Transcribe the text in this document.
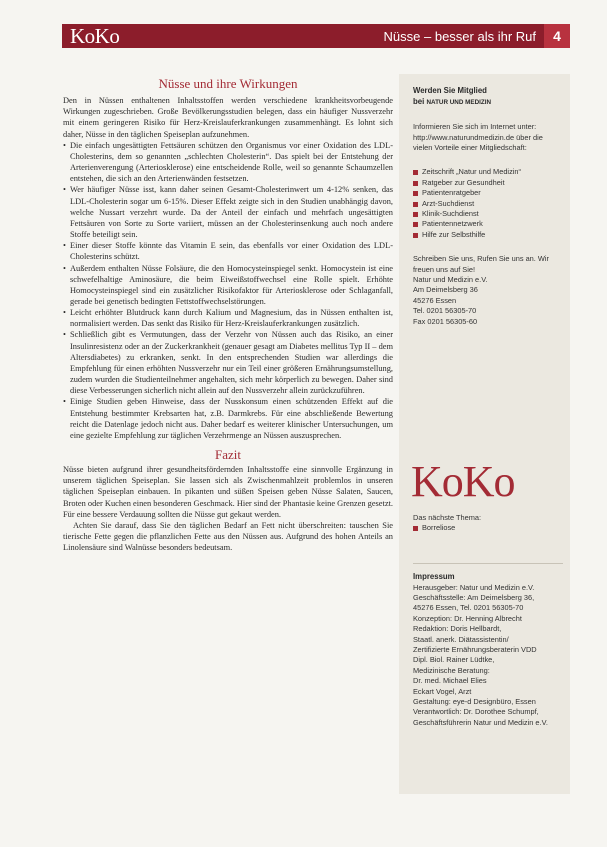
KoKo	Nüsse – besser als ihr Ruf	4
Nüsse und ihre Wirkungen

Den in Nüssen enthaltenen Inhaltsstoffen werden verschiedene krankheitsvorbeugende Wirkungen zugeschrieben. Große Bevölkerungsstudien belegen, dass ein häufiger Nussverzehr mit einem geringeren Risiko für Herz-Kreislauferkrankungen zusammenhängt. Es lohnt sich daher, Nüsse in den täglichen Speiseplan aufzunehmen.

• Die einfach ungesättigten Fettsäuren schützen den Organismus vor einer Oxidation des LDL-Cholesterins, dem so genannten „schlechten Cholesterin“. Das spielt bei der Entstehung der Arterienverengung (Arteriosklerose) eine entscheidende Rolle, weil so genannte Schaumzellen entstehen, die sich an den Arterienwänden festsetzen.
• Wer häufiger Nüsse isst, kann daher seinen Gesamt-Cholesterinwert um 4-12% senken, das LDL-Cholesterin sogar um 6-15%. Dieser Effekt zeigte sich in den Studien unabhängig davon, welche Nussart verzehrt wurde. Da der Anteil der einfach und mehrfach ungesättigten Fettsäuren von Sorte zu Sorte variiert, müssen an der Cholesterinsenkung auch noch andere Stoffe beteiligt sein.
• Einer dieser Stoffe könnte das Vitamin E sein, das ebenfalls vor einer Oxidation des LDL-Cholesterins schützt.
• Außerdem enthalten Nüsse Folsäure, die den Homocysteinspiegel senkt. Homocystein ist eine schwefelhaltige Aminosäure, die beim Eiweißstoffwechsel eine Rolle spielt. Erhöhte Homocysteinspiegel sind ein zusätzlicher Risikofaktor für Arteriosklerose oder Schlaganfall, gerade bei genetisch bedingten Fettstoffwechselstörungen.
• Leicht erhöhter Blutdruck kann durch Kalium und Magnesium, das in Nüssen enthalten ist, normalisiert werden. Das senkt das Risiko für Herz-Kreislauferkrankungen zusätzlich.
• Schließlich gibt es Vermutungen, dass der Verzehr von Nüssen auch das Risiko, an einer Insulinresistenz oder an der Zuckerkrankheit (genauer gesagt am Diabetes mellitus Typ II – dem Altersdiabetes) zu erkranken, senkt. In den entsprechenden Studien war allerdings die Empfehlung für einen erhöhten Nussverzehr nur ein Teil einer größeren Ernährungsumstellung, zudem wurden die Studienteilnehmer angehalten, sich mehr körperlich zu bewegen. Daher sind diese Verbesserungen sicherlich nicht allein auf den Nussverzehr allein zurückzuführen.
• Einige Studien geben Hinweise, dass der Nusskonsum einen schützenden Effekt auf die Entstehung bestimmter Krebsarten hat, z.B. Darmkrebs. Für eine abschließende Bewertung reicht die Datenlage jedoch nicht aus. Daher bedarf es weiterer klinischer Untersuchungen, um eine gezielte Empfehlung zur täglichen Verzehrmenge an Nüssen auszusprechen.
Fazit

Nüsse bieten aufgrund ihrer gesundheitsfördernden Inhaltsstoffe eine sinnvolle Ergänzung in unserem täglichen Speiseplan. Sie lassen sich als Zwischenmahlzeit problemlos in unseren täglichen Speiseplan einbauen. In pikanten und süßen Speisen geben Nüsse Salaten, Saucen, Broten oder Kuchen einen besonderen Geschmack. Hier sind der Phantasie keine Grenzen gesetzt. Für eine bessere Verdauung sollten die Nüsse gut gekaut werden.

Achten Sie darauf, dass Sie den täglichen Bedarf an Fett nicht überschreiten: tauschen Sie tierische Fette gegen die pflanzlichen Fette aus den Nüssen aus. Aufgrund des hohen Anteils an Linolensäure sind Walnüsse besonders bedeutsam.

Werden Sie Mitglied
bei NATUR UND MEDIZIN

Informieren Sie sich im Internet unter: http://www.naturundmedizin.de über die vielen Vorteile einer Mitgliedschaft:

Zeitschrift „Natur und Medizin“
Ratgeber zur Gesundheit
Patientenratgeber
Arzt-Suchdienst
Klinik-Suchdienst
Patientennetzwerk
Hilfe zur Selbsthilfe

Schreiben Sie uns, Rufen Sie uns an. Wir freuen uns auf Sie!

Natur und Medizin e.V.

Am Deimelsberg 36

45276 Essen

Tel. 0201 56305-70

Fax 0201 56305-60

KoKo

Das nächste Thema:

Borreliose
Impressum

Herausgeber: Natur und Medizin e.V.

Geschäftsstelle: Am Deimelsberg 36,

45276 Essen, Tel. 0201 56305-70

Konzeption: Dr. Henning Albrecht

Redaktion: Doris Hellbardt,

Staatl. anerk. Diätassistentin/

Zertifizierte Ernährungsberaterin VDD

Dipl. Biol. Rainer Lüdtke,

Medizinische Beratung:

Dr. med. Michael Elies

Eckart Vogel, Arzt

Gestaltung: eye-d Designbüro, Essen

Verantwortlich: Dr. Dorothee Schumpf,

Geschäftsführerin Natur und Medizin e.V.
